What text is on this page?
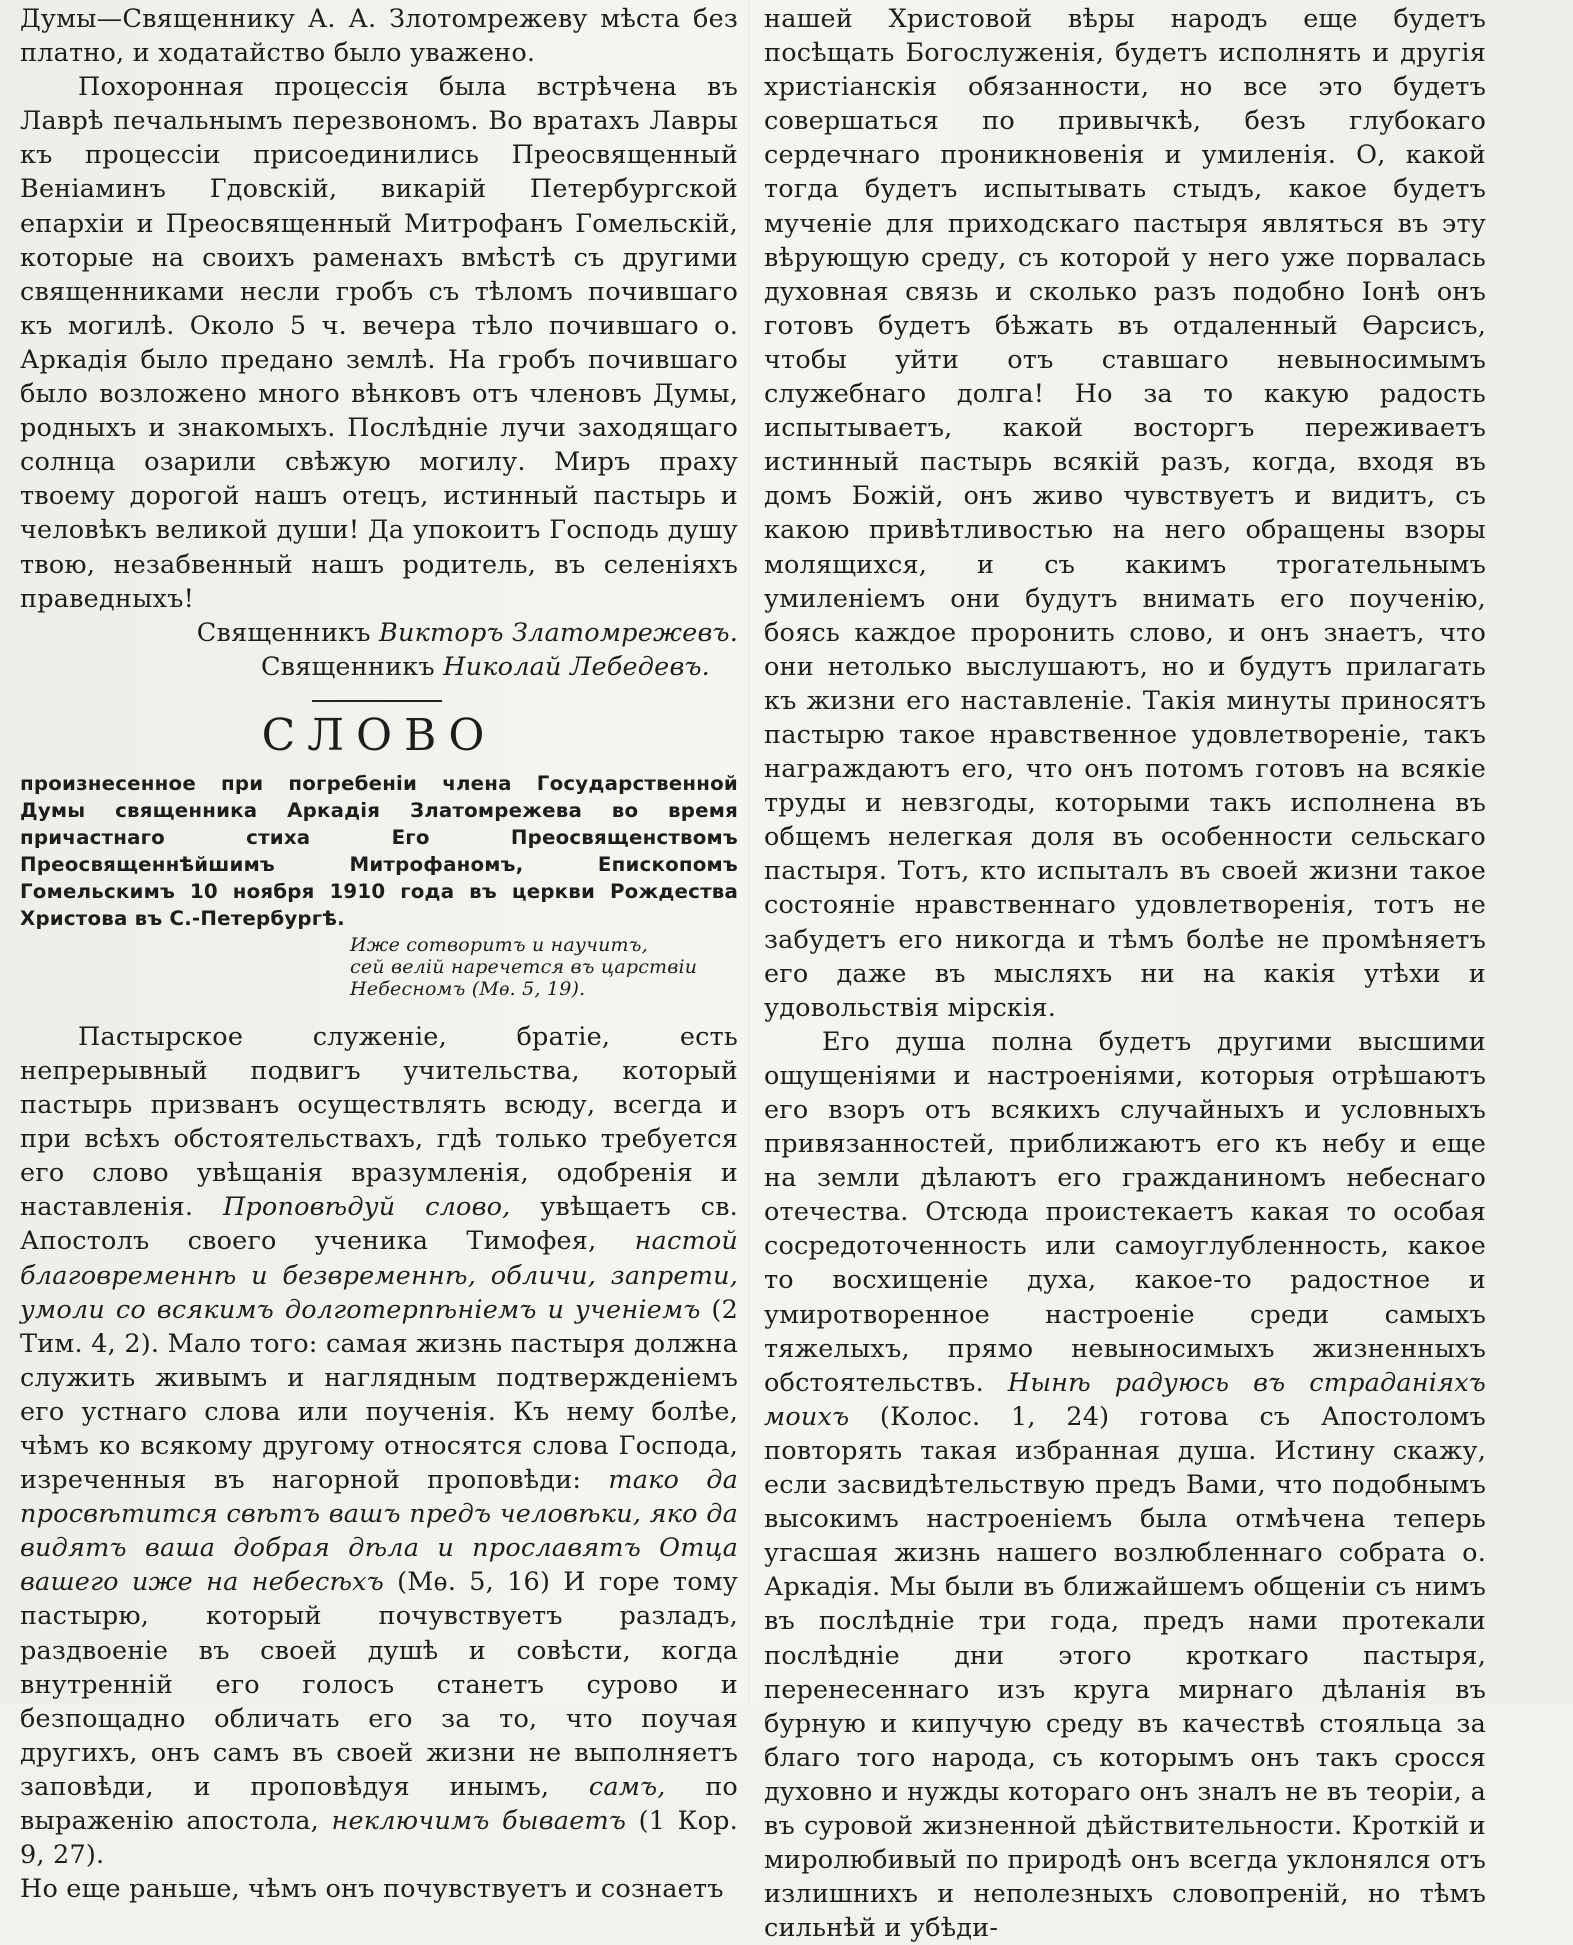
Думы—Священнику А. А. Злотомрежеву мѣста без платно, и ходатайство было уважено.

Похоронная процессія была встрѣчена въ Лаврѣ печальнымъ перезвономъ. Во вратахъ Лавры къ процессіи присоединились Преосвященный Веніаминъ Гдовскій, викарій Петербургской епархіи и Преосвященный Митрофанъ Гомельскій, которые на своихъ раменахъ вмѣстѣ съ другими священниками несли гробъ съ тѣломъ почившаго къ могилѣ. Около 5 ч. вечера тѣло почившаго о. Аркадія было предано землѣ. На гробъ почившаго было возложено много вѣнковъ отъ членовъ Думы, родныхъ и знакомыхъ. Послѣдніе лучи заходящаго солнца озарили свѣжую могилу. Миръ праху твоему дорогой нашъ отецъ, истинный пастырь и человѣкъ великой души! Да упокоитъ Господь душу твою, незабвенный нашъ родитель, въ селеніяхъ праведныхъ!

Священникъ Викторъ Златомрежевъ.

Священникъ Николай Лебедевъ.

СЛОВО

произнесенное при погребеніи члена Государственной Думы священника Аркадія Златомрежева во время причастнаго стиха Его Преосвященствомъ Преосвященнѣйшимъ Митрофаномъ, Епископомъ Гомельскимъ 10 ноября 1910 года въ церкви Рождества Христова въ С.-Петербургѣ.

Иже сотворитъ и научитъ,
сей велій наречется въ царствіи
Небесномъ (Мѳ. 5, 19).

Пастырское служеніе, братіе, есть непрерывный подвигъ учительства, который пастырь призванъ осуществлять всюду, всегда и при всѣхъ обстоятельствахъ, гдѣ только требуется его слово увѣщанія вразумленія, одобренія и наставленія. Проповѣдуй слово, увѣщаетъ св. Апостолъ своего ученика Тимофея, настой благовременнѣ и безвременнѣ, обличи, запрети, умоли со всякимъ долготерпѣніемъ и ученіемъ (2 Тим. 4, 2). Мало того: самая жизнь пастыря должна служить живымъ и наглядным подтвержденіемъ его устнаго слова или поученія. Къ нему болѣе, чѣмъ ко всякому другому относятся слова Господа, изреченныя въ нагорной проповѣди: тако да просвѣтится свѣтъ вашъ предъ человѣки, яко да видятъ ваша добрая дѣла и прославятъ Отца вашего иже на небесѣхъ (Мѳ. 5, 16) И горе тому пастырю, который почувствуетъ разладъ, раздвоеніе въ своей душѣ и совѣсти, когда внутренній его голосъ станетъ сурово и безпощадно обличать его за то, что поучая другихъ, онъ самъ въ своей жизни не выполняетъ заповѣди, и проповѣдуя инымъ, самъ, по выраженію апостола, неключимъ бываетъ (1 Кор. 9, 27).

Но еще раньше, чѣмъ онъ почувствуетъ и сознаетъ

нашей Христовой вѣры народъ еще будетъ посѣщать Богослуженія, будетъ исполнять и другія христіанскія обязанности, но все это будетъ совершаться по привычкѣ, безъ глубокаго сердечнаго проникновенія и умиленія. О, какой тогда будетъ испытывать стыдъ, какое будетъ мученіе для приходскаго пастыря являться въ эту вѣрующую среду, съ которой у него уже порвалась духовная связь и сколько разъ подобно Іонѣ онъ готовъ будетъ бѣжать въ отдаленный Ѳарсисъ, чтобы уйти отъ ставшаго невыносимымъ служебнаго долга! Но за то какую радость испытываетъ, какой восторгъ переживаетъ истинный пастырь всякій разъ, когда, входя въ домъ Божій, онъ живо чувствуетъ и видитъ, съ какою привѣтливостью на него обращены взоры молящихся, и съ какимъ трогательнымъ умиленіемъ они будутъ внимать его поученію, боясь каждое проронить слово, и онъ знаетъ, что они нетолько выслушаютъ, но и будутъ прилагать къ жизни его наставленіе. Такія минуты приносятъ пастырю такое нравственное удовлетвореніе, такъ награждаютъ его, что онъ потомъ готовъ на всякіе труды и невзгоды, которыми такъ исполнена въ общемъ нелегкая доля въ особенности сельскаго пастыря. Тотъ, кто испыталъ въ своей жизни такое состояніе нравственнаго удовлетворенія, тотъ не забудетъ его никогда и тѣмъ болѣе не промѣняетъ его даже въ мысляхъ ни на какія утѣхи и удовольствія мірскія.

Его душа полна будетъ другими высшими ощущеніями и настроеніями, которыя отрѣшаютъ его взоръ отъ всякихъ случайныхъ и условныхъ привязанностей, приближаютъ его къ небу и еще на земли дѣлаютъ его гражданиномъ небеснаго отечества. Отсюда проистекаетъ какая то особая сосредоточенность или самоуглубленность, какое то восхищеніе духа, какое-то радостное и умиротворенное настроеніе среди самыхъ тяжелыхъ, прямо невыносимыхъ жизненныхъ обстоятельствъ. Нынѣ радуюсь въ страданіяхъ моихъ (Колос. 1, 24) готова съ Апостоломъ повторять такая избранная душа. Истину скажу, если засвидѣтельствую предъ Вами, что подобнымъ высокимъ настроеніемъ была отмѣчена теперь угасшая жизнь нашего возлюбленнаго собрата о. Аркадія. Мы были въ ближайшемъ общеніи съ нимъ въ послѣдніе три года, предъ нами протекали послѣдніе дни этого кроткаго пастыря, перенесеннаго изъ круга мирнаго дѣланія въ бурную и кипучую среду въ качествѣ стояльца за благо того народа, съ которымъ онъ такъ сросся духовно и нужды котораго онъ зналъ не въ теоріи, а въ суровой жизненной дѣйствительности. Кроткій и миролюбивый по природѣ онъ всегда уклонялся отъ излишнихъ и неполезныхъ словопреній, но тѣмъ сильнѣй и убѣди-
